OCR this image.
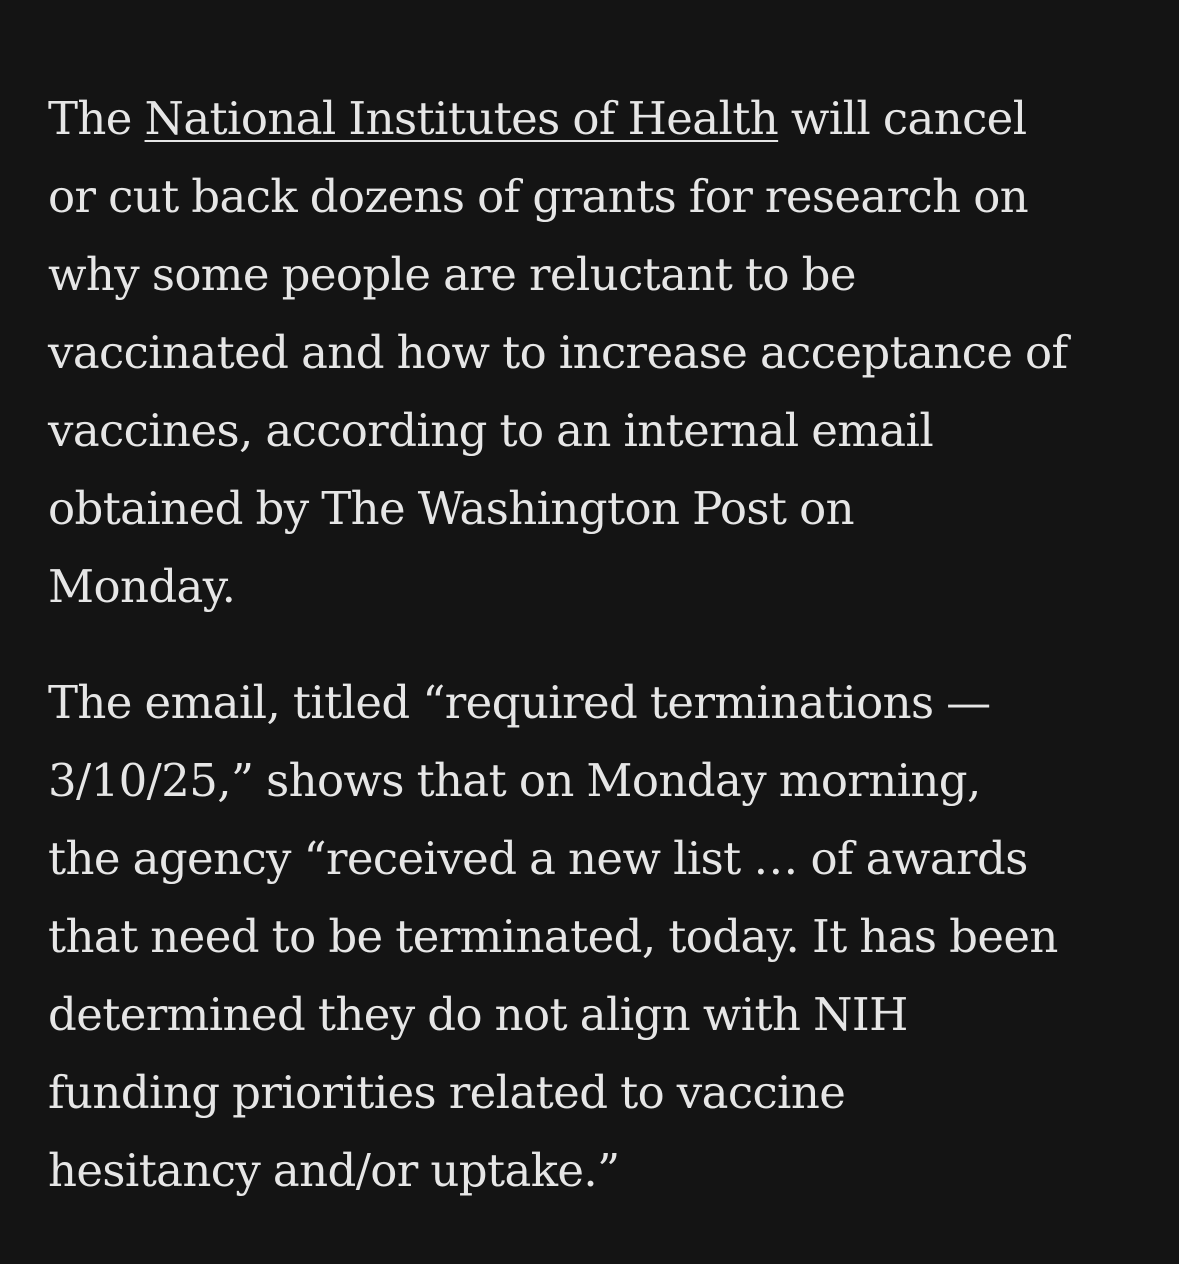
The National Institutes of Health will cancel
or cut back dozens of grants for research on
why some people are reluctant to be
vaccinated and how to increase acceptance of
vaccines, according to an internal email
obtained by The Washington Post on
Monday.

The email, titled “required terminations —
3/10/25,” shows that on Monday morning,
the agency “received a new list … of awards
that need to be terminated, today. It has been
determined they do not align with NIH
funding priorities related to vaccine
hesitancy and/or uptake.”
